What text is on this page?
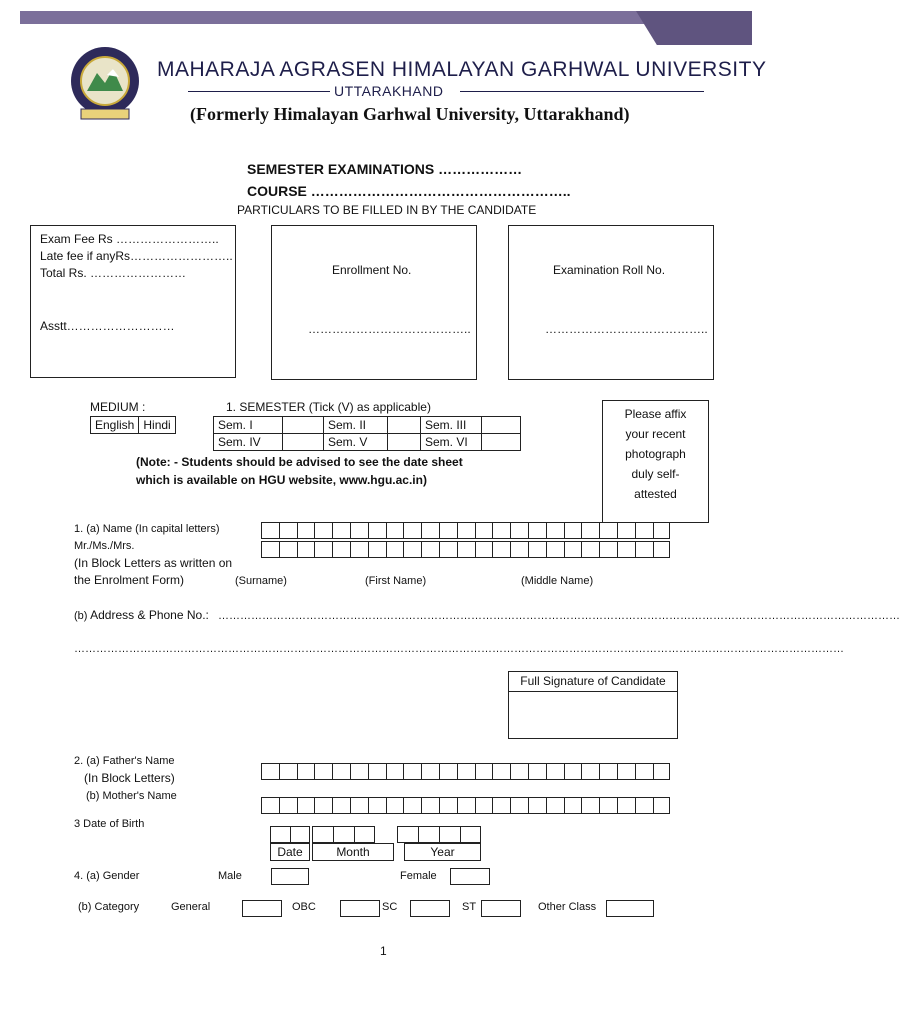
MAHARAJA AGRASEN HIMALAYAN GARHWAL UNIVERSITY
UTTARAKHAND
(Formerly Himalayan Garhwal University, Uttarakhand)
SEMESTER EXAMINATIONS ………………
COURSE ………………………………………………..
PARTICULARS TO BE FILLED IN BY THE CANDIDATE
Exam Fee Rs ……………………..
Late fee if anyRs……………………..
Total Rs. ……………………
Asstt………………………
Enrollment No.
…………………………………..
Examination Roll No.
…………………………………..
MEDIUM :
English	Hindi
1. SEMESTER (Tick (V) as applicable)
Sem. I		Sem. II		Sem. III	
Sem. IV		Sem. V		Sem. VI	
(Note: - Students should be advised to see the date sheet
which is available on HGU website, www.hgu.ac.in)
Please affix
your recent
photograph
duly self-
attested
1. (a) Name (In capital letters)
Mr./Ms./Mrs.
(In Block Letters as written on
the Enrolment Form)	(Surname)	(First Name)	(Middle Name)
(b) Address & Phone No.: ……………………………………………………………………………………………………………………………………………………………………
…………………………………………………………………………………………………………………………………………………………………………………………
Full Signature of Candidate
2. (a) Father's Name
(In Block Letters)
(b) Mother's Name
3 Date of Birth
Date	Month	Year
4. (a) Gender	Male	Female
(b) Category	General	OBC	SC	ST	Other Class
1
